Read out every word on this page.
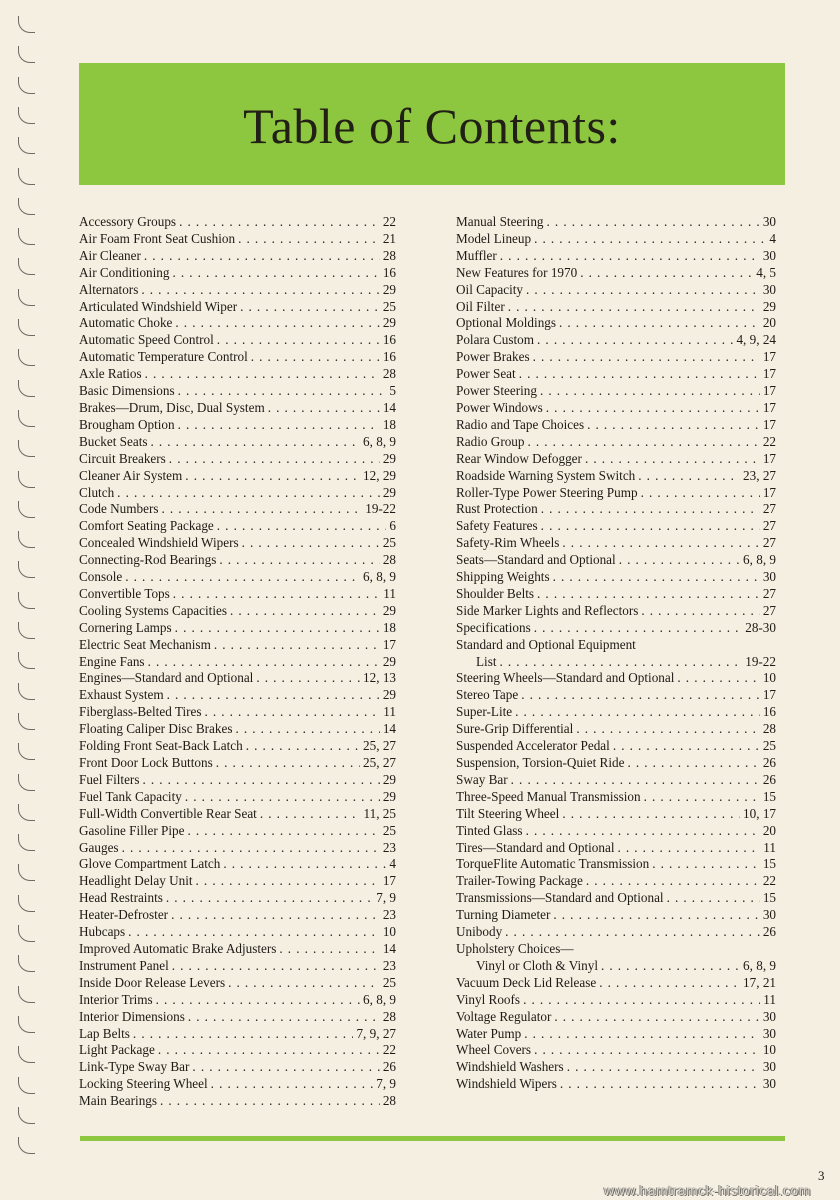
Table of Contents:
Accessory Groups . . .	22
Air Foam Front Seat Cushion . . .	21
Air Cleaner . . .	28
Air Conditioning . . .	16
Alternators . . .	29
Articulated Windshield Wiper . . .	25
Automatic Choke . . .	29
Automatic Speed Control . . .	16
Automatic Temperature Control . . .	16
Axle Ratios . . .	28
Basic Dimensions . . .	5
Brakes—Drum, Disc, Dual System . . .	14
Brougham Option . . .	18
Bucket Seats . . .	6, 8, 9
Circuit Breakers . . .	29
Cleaner Air System . . .	12, 29
Clutch . . .	29
Code Numbers . . .	19-22
Comfort Seating Package . . .	6
Concealed Windshield Wipers . . .	25
Connecting-Rod Bearings . . .	28
Console . . .	6, 8, 9
Convertible Tops . . .	11
Cooling Systems Capacities . . .	29
Cornering Lamps . . .	18
Electric Seat Mechanism . . .	17
Engine Fans . . .	29
Engines—Standard and Optional . . .	12, 13
Exhaust System . . .	29
Fiberglass-Belted Tires . . .	11
Floating Caliper Disc Brakes . . .	14
Folding Front Seat-Back Latch . . .	25, 27
Front Door Lock Buttons . . .	25, 27
Fuel Filters . . .	29
Fuel Tank Capacity . . .	29
Full-Width Convertible Rear Seat . . .	11, 25
Gasoline Filler Pipe . . .	25
Gauges . . .	23
Glove Compartment Latch . . .	4
Headlight Delay Unit . . .	17
Head Restraints . . .	7, 9
Heater-Defroster . . .	23
Hubcaps . . .	10
Improved Automatic Brake Adjusters . . .	14
Instrument Panel . . .	23
Inside Door Release Levers . . .	25
Interior Trims . . .	6, 8, 9
Interior Dimensions . . .	28
Lap Belts . . .	7, 9, 27
Light Package . . .	22
Link-Type Sway Bar . . .	26
Locking Steering Wheel . . .	7, 9
Main Bearings . . .	28
Manual Steering . . .	30
Model Lineup . . .	4
Muffler . . .	30
New Features for 1970 . . .	4, 5
Oil Capacity . . .	30
Oil Filter . . .	29
Optional Moldings . . .	20
Polara Custom . . .	4, 9, 24
Power Brakes . . .	17
Power Seat . . .	17
Power Steering . . .	17
Power Windows . . .	17
Radio and Tape Choices . . .	17
Radio Group . . .	22
Rear Window Defogger . . .	17
Roadside Warning System Switch . . .	23, 27
Roller-Type Power Steering Pump . . .	17
Rust Protection . . .	27
Safety Features . . .	27
Safety-Rim Wheels . . .	27
Seats—Standard and Optional . . .	6, 8, 9
Shipping Weights . . .	30
Shoulder Belts . . .	27
Side Marker Lights and Reflectors . . .	27
Specifications . . .	28-30
Standard and Optional Equipment
List . . .	19-22
Steering Wheels—Standard and Optional . . .	10
Stereo Tape . . .	17
Super-Lite . . .	16
Sure-Grip Differential . . .	28
Suspended Accelerator Pedal . . .	25
Suspension, Torsion-Quiet Ride . . .	26
Sway Bar . . .	26
Three-Speed Manual Transmission . . .	15
Tilt Steering Wheel . . .	10, 17
Tinted Glass . . .	20
Tires—Standard and Optional . . .	11
TorqueFlite Automatic Transmission . . .	15
Trailer-Towing Package . . .	22
Transmissions—Standard and Optional . . .	15
Turning Diameter . . .	30
Unibody . . .	26
Upholstery Choices—
Vinyl or Cloth & Vinyl . . .	6, 8, 9
Vacuum Deck Lid Release . . .	17, 21
Vinyl Roofs . . .	11
Voltage Regulator . . .	30
Water Pump . . .	30
Wheel Covers . . .	10
Windshield Washers . . .	30
Windshield Wipers . . .	30
3
www.hamtramck-historical.com
